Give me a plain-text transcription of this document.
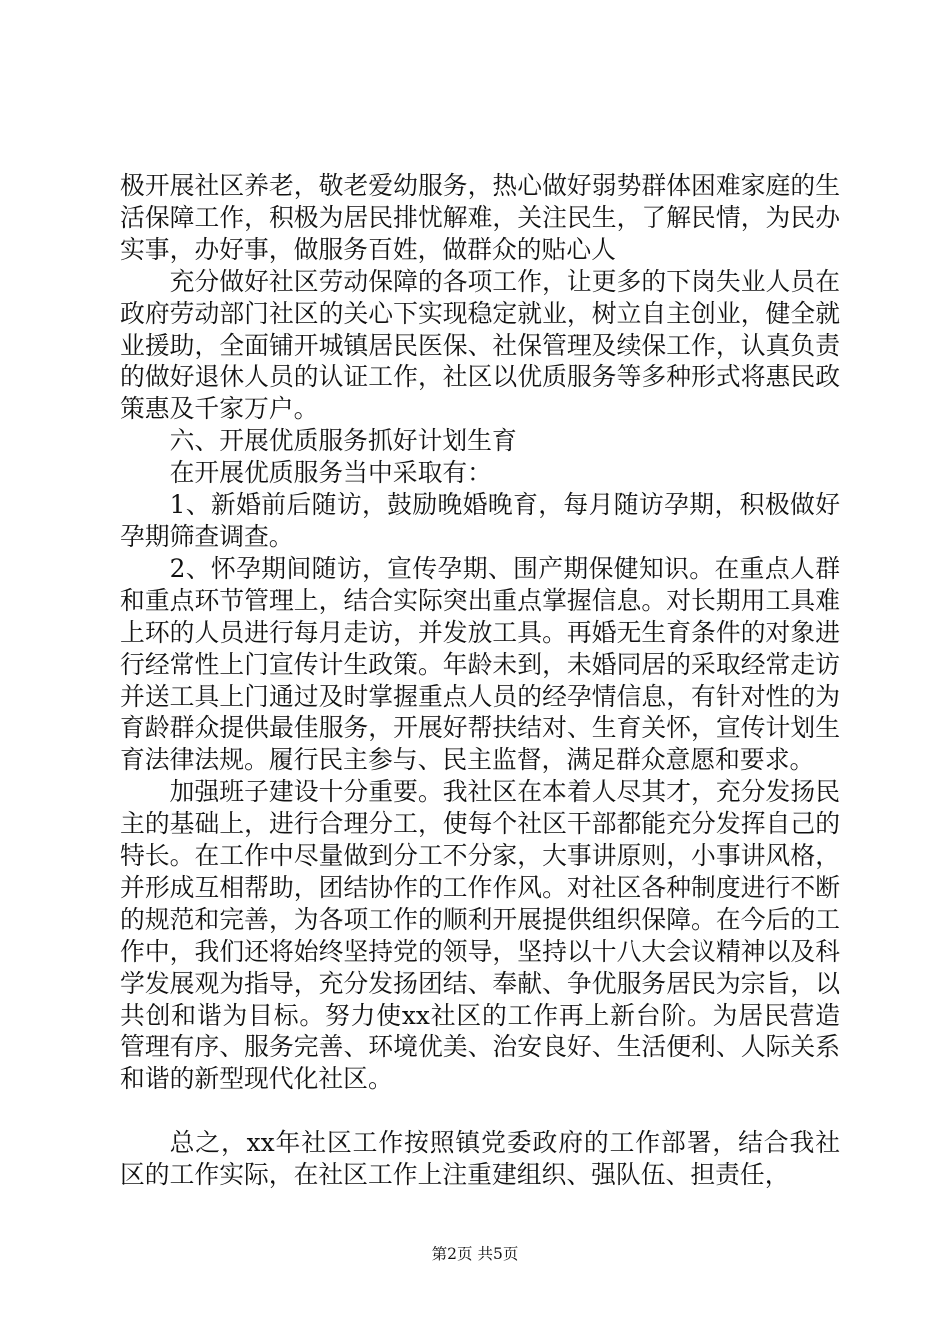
极开展社区养老，敬老爱幼服务，热心做好弱势群体困难家庭的生活保障工作，积极为居民排忧解难，关注民生，了解民情，为民办实事，办好事，做服务百姓，做群众的贴心人

充分做好社区劳动保障的各项工作，让更多的下岗失业人员在政府劳动部门社区的关心下实现稳定就业，树立自主创业，健全就业援助，全面铺开城镇居民医保、社保管理及续保工作，认真负责的做好退休人员的认证工作，社区以优质服务等多种形式将惠民政策惠及千家万户。

六、开展优质服务抓好计划生育

在开展优质服务当中采取有：

1、新婚前后随访，鼓励晚婚晚育，每月随访孕期，积极做好孕期筛查调查。

2、怀孕期间随访，宣传孕期、围产期保健知识。在重点人群和重点环节管理上，结合实际突出重点掌握信息。对长期用工具难上环的人员进行每月走访，并发放工具。再婚无生育条件的对象进行经常性上门宣传计生政策。年龄未到，未婚同居的采取经常走访并送工具上门通过及时掌握重点人员的经孕情信息，有针对性的为育龄群众提供最佳服务，开展好帮扶结对、生育关怀，宣传计划生育法律法规。履行民主参与、民主监督，满足群众意愿和要求。

加强班子建设十分重要。我社区在本着人尽其才，充分发扬民主的基础上，进行合理分工，使每个社区干部都能充分发挥自己的特长。在工作中尽量做到分工不分家，大事讲原则，小事讲风格，并形成互相帮助，团结协作的工作作风。对社区各种制度进行不断的规范和完善，为各项工作的顺利开展提供组织保障。在今后的工作中，我们还将始终坚持党的领导，坚持以十八大会议精神以及科学发展观为指导，充分发扬团结、奉献、争优服务居民为宗旨，以共创和谐为目标。努力使xx社区的工作再上新台阶。为居民营造管理有序、服务完善、环境优美、治安良好、生活便利、人际关系和谐的新型现代化社区。

总之，xx年社区工作按照镇党委政府的工作部署，结合我社区的工作实际，在社区工作上注重建组织、强队伍、担责任，

第2页 共5页
